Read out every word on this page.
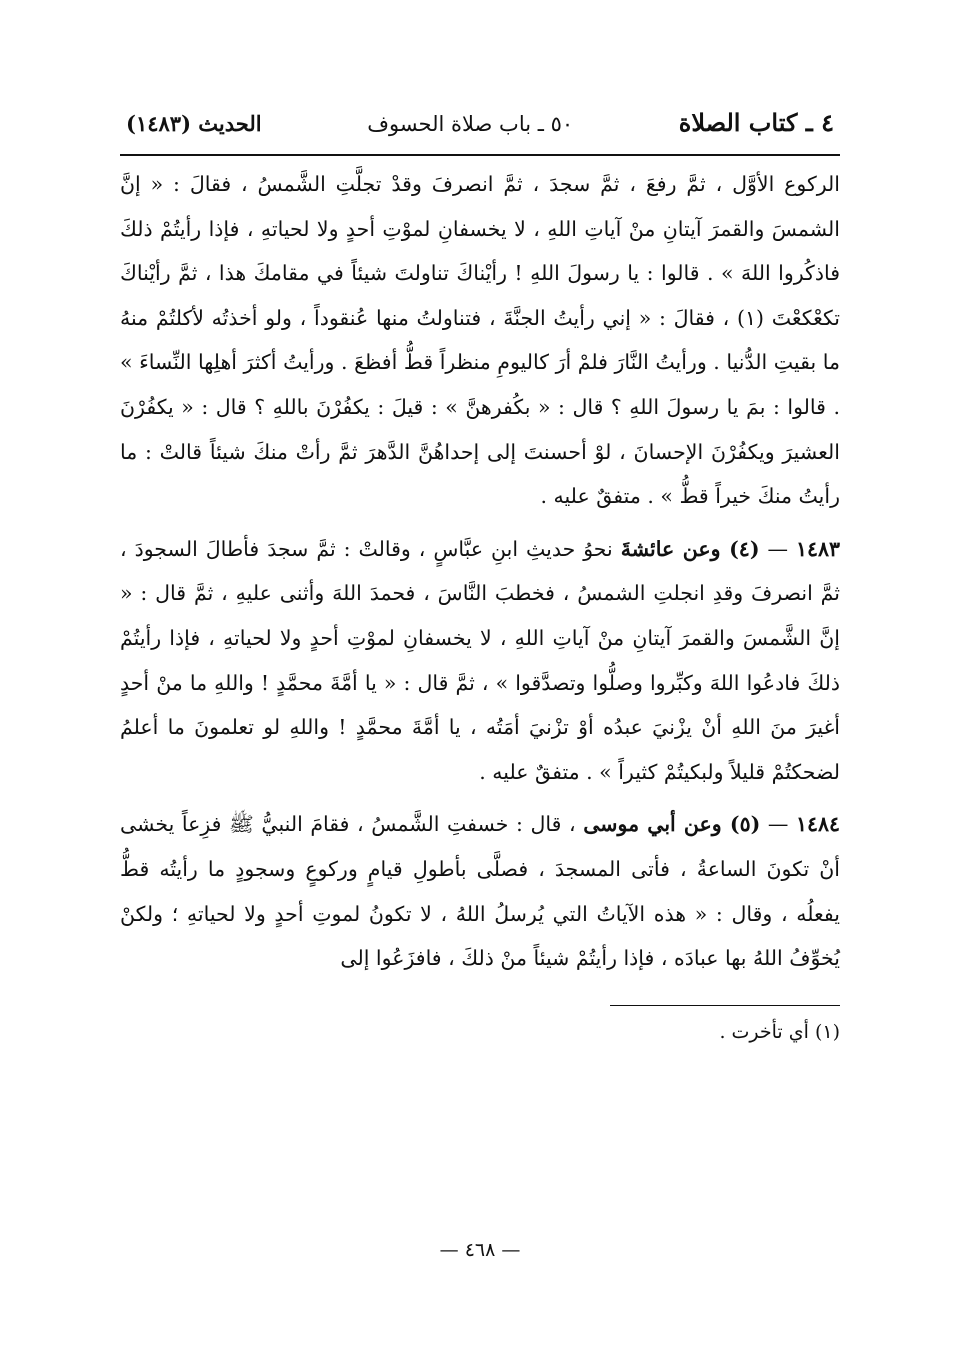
٤ ـ كتاب الصلاة
٥٠ ـ باب صلاة الحسوف
الحديث (١٤٨٣)

الركوع الأوَّل ، ثمَّ رفعَ ، ثمَّ سجدَ ، ثمَّ انصرفَ وقدْ تجلَّتِ الشَّمسُ ، فقالَ : « إنَّ الشمسَ والقمرَ آيتانِ منْ آياتِ اللهِ ، لا يخسفانِ لموْتِ أحدٍ ولا لحياتهِ ، فإذا رأيتُمْ ذلكَ فاذكُروا اللهَ » . قالوا : يا رسولَ اللهِ ! رأيْناكَ تناولتَ شيئاً في مقامكَ هذا ، ثمَّ رأيْناكَ تكعْكعْتَ (١) ، فقالَ : « إني رأيتُ الجنَّةَ ، فتناولتُ منها عُنقوداً ، ولو أخذتُه لأكلتُمْ منهُ ما بقيتِ الدُّنيا . ورأيتُ النَّارَ فلمْ أرَ كاليومِ منظراً قطُّ أفظعَ . ورأيتُ أكثرَ أهلِها النِّساءَ » . قالوا : بمَ يا رسولَ اللهِ ؟ قال : « بكُفرهنَّ » : قيلَ : يكفُرْنَ باللهِ ؟ قال : « يكفُرْنَ العشيرَ ويكفُرْنَ الإحسانَ ، لوْ أحسنتَ إلى إحداهُنَّ الدَّهرَ ثمَّ رأتْ منكَ شيئاً قالتْ : ما رأيتُ منكَ خيراً قطُّ » . متفقٌ عليه .

١٤٨٣ — (٤) وعن عائشةَ نحوُ حديثِ ابنِ عبَّاسٍ ، وقالتْ : ثمَّ سجدَ فأطالَ السجودَ ، ثمَّ انصرفَ وقدِ انجلتِ الشمسُ ، فخطبَ النَّاسَ ، فحمدَ اللهَ وأثنى عليهِ ، ثمَّ قال : « إنَّ الشَّمسَ والقمرَ آيتانِ منْ آياتِ اللهِ ، لا يخسفانِ لموْتِ أحدٍ ولا لحياتهِ ، فإذا رأيتُمْ ذلكَ فادعُوا اللهَ وكبِّروا وصلُّوا وتصدَّقوا » ، ثمَّ قال : « يا أمَّةَ محمَّدٍ ! واللهِ ما منْ أحدٍ أغيرَ منَ اللهِ أنْ يزْنيَ عبدُه أوْ تزْنيَ أمَتُه ، يا أمَّةَ محمَّدٍ ! واللهِ لو تعلمونَ ما أعلمُ لضحكتُمْ قليلاً ولبكيتُمْ كثيراً » . متفقٌ عليه .

١٤٨٤ — (٥) وعن أبي موسى ، قال : خسفتِ الشَّمسُ ، فقامَ النبيُّ ﷺ فزِعاً يخشى أنْ تكونَ الساعةُ ، فأتى المسجدَ ، فصلَّى بأطولِ قيامٍ وركوعٍ وسجودٍ ما رأيتُه قطُّ يفعلُه ، وقال : « هذه الآياتُ التي يُرسلُ اللهُ ، لا تكونُ لموتِ أحدٍ ولا لحياتهِ ؛ ولكنْ يُخوِّفُ اللهُ بها عبادَه ، فإذا رأيتُمْ شيئاً منْ ذلكَ ، فافزَعُوا إلى

(١) أي تأخرت .

— ٤٦٨ —
